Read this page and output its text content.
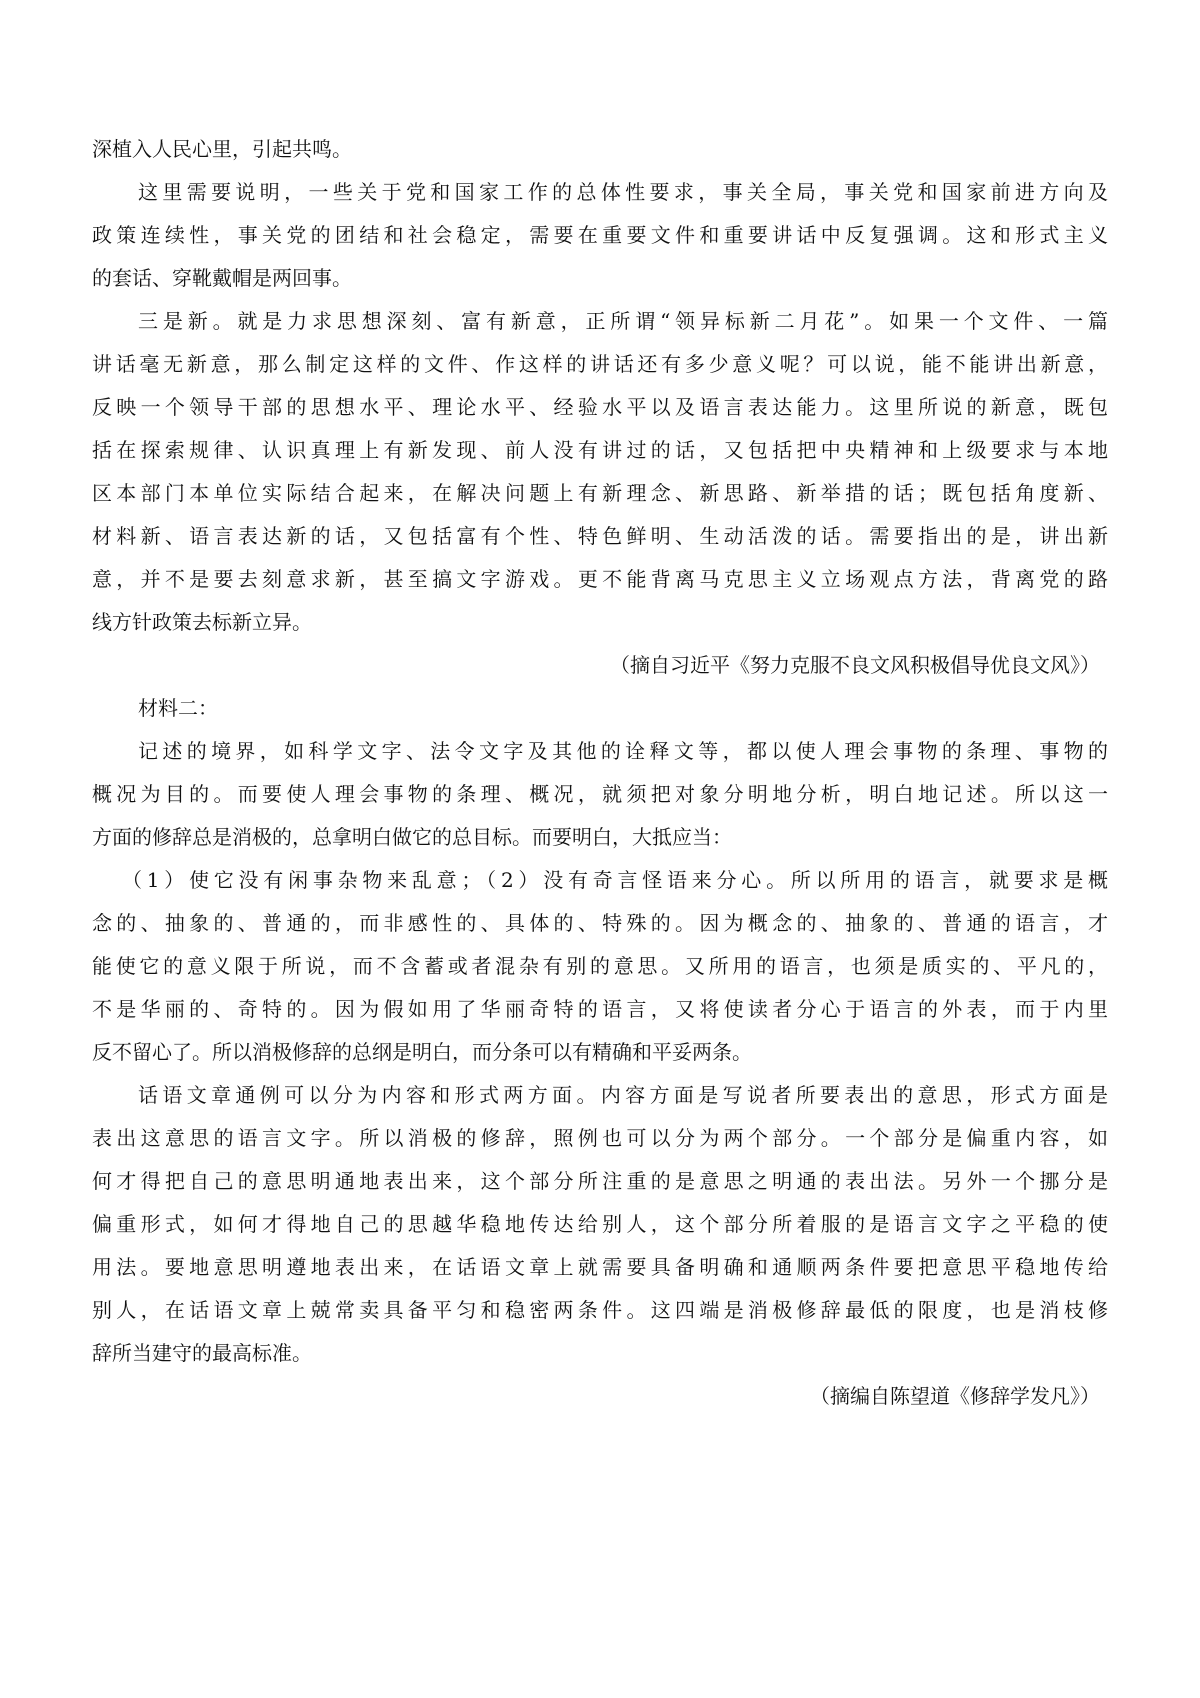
深植入人民心里，引起共鸣。
这里需要说明，一些关于党和国家工作的总体性要求，事关全局，事关党和国家前进方向及
政策连续性，事关党的团结和社会稳定，需要在重要文件和重要讲话中反复强调。这和形式主义
的套话、穿靴戴帽是两回事。
三是新。就是力求思想深刻、富有新意，正所谓“领异标新二月花”。如果一个文件、一篇
讲话毫无新意，那么制定这样的文件、作这样的讲话还有多少意义呢？可以说，能不能讲出新意，
反映一个领导干部的思想水平、理论水平、经验水平以及语言表达能力。这里所说的新意，既包
括在探索规律、认识真理上有新发现、前人没有讲过的话，又包括把中央精神和上级要求与本地
区本部门本单位实际结合起来，在解决问题上有新理念、新思路、新举措的话；既包括角度新、
材料新、语言表达新的话，又包括富有个性、特色鲜明、生动活泼的话。需要指出的是，讲出新
意，并不是要去刻意求新，甚至搞文字游戏。更不能背离马克思主义立场观点方法，背离党的路
线方针政策去标新立异。
（摘自习近平《努力克服不良文风积极倡导优良文风》）
材料二：
记述的境界，如科学文字、法令文字及其他的诠释文等，都以使人理会事物的条理、事物的
概况为目的。而要使人理会事物的条理、概况，就须把对象分明地分析，明白地记述。所以这一
方面的修辞总是消极的，总拿明白做它的总目标。而要明白，大抵应当：
（1）使它没有闲事杂物来乱意；（2）没有奇言怪语来分心。所以所用的语言，就要求是概
念的、抽象的、普通的，而非感性的、具体的、特殊的。因为概念的、抽象的、普通的语言，才
能使它的意义限于所说，而不含蓄或者混杂有别的意思。又所用的语言，也须是质实的、平凡的，
不是华丽的、奇特的。因为假如用了华丽奇特的语言，又将使读者分心于语言的外表，而于内里
反不留心了。所以消极修辞的总纲是明白，而分条可以有精确和平妥两条。
话语文章通例可以分为内容和形式两方面。内容方面是写说者所要表出的意思，形式方面是
表出这意思的语言文字。所以消极的修辞，照例也可以分为两个部分。一个部分是偏重内容，如
何才得把自己的意思明通地表出来，这个部分所注重的是意思之明通的表出法。另外一个挪分是
偏重形式，如何才得地自己的思越华稳地传达给别人，这个部分所着服的是语言文字之平稳的使
用法。要地意思明遵地表出来，在话语文章上就需要具备明确和通顺两条件要把意思平稳地传给
别人，在话语文章上兢常卖具备平匀和稳密两条件。这四端是消极修辞最低的限度，也是消枝修
辞所当建守的最高标准。
（摘编自陈望道《修辞学发凡》）
